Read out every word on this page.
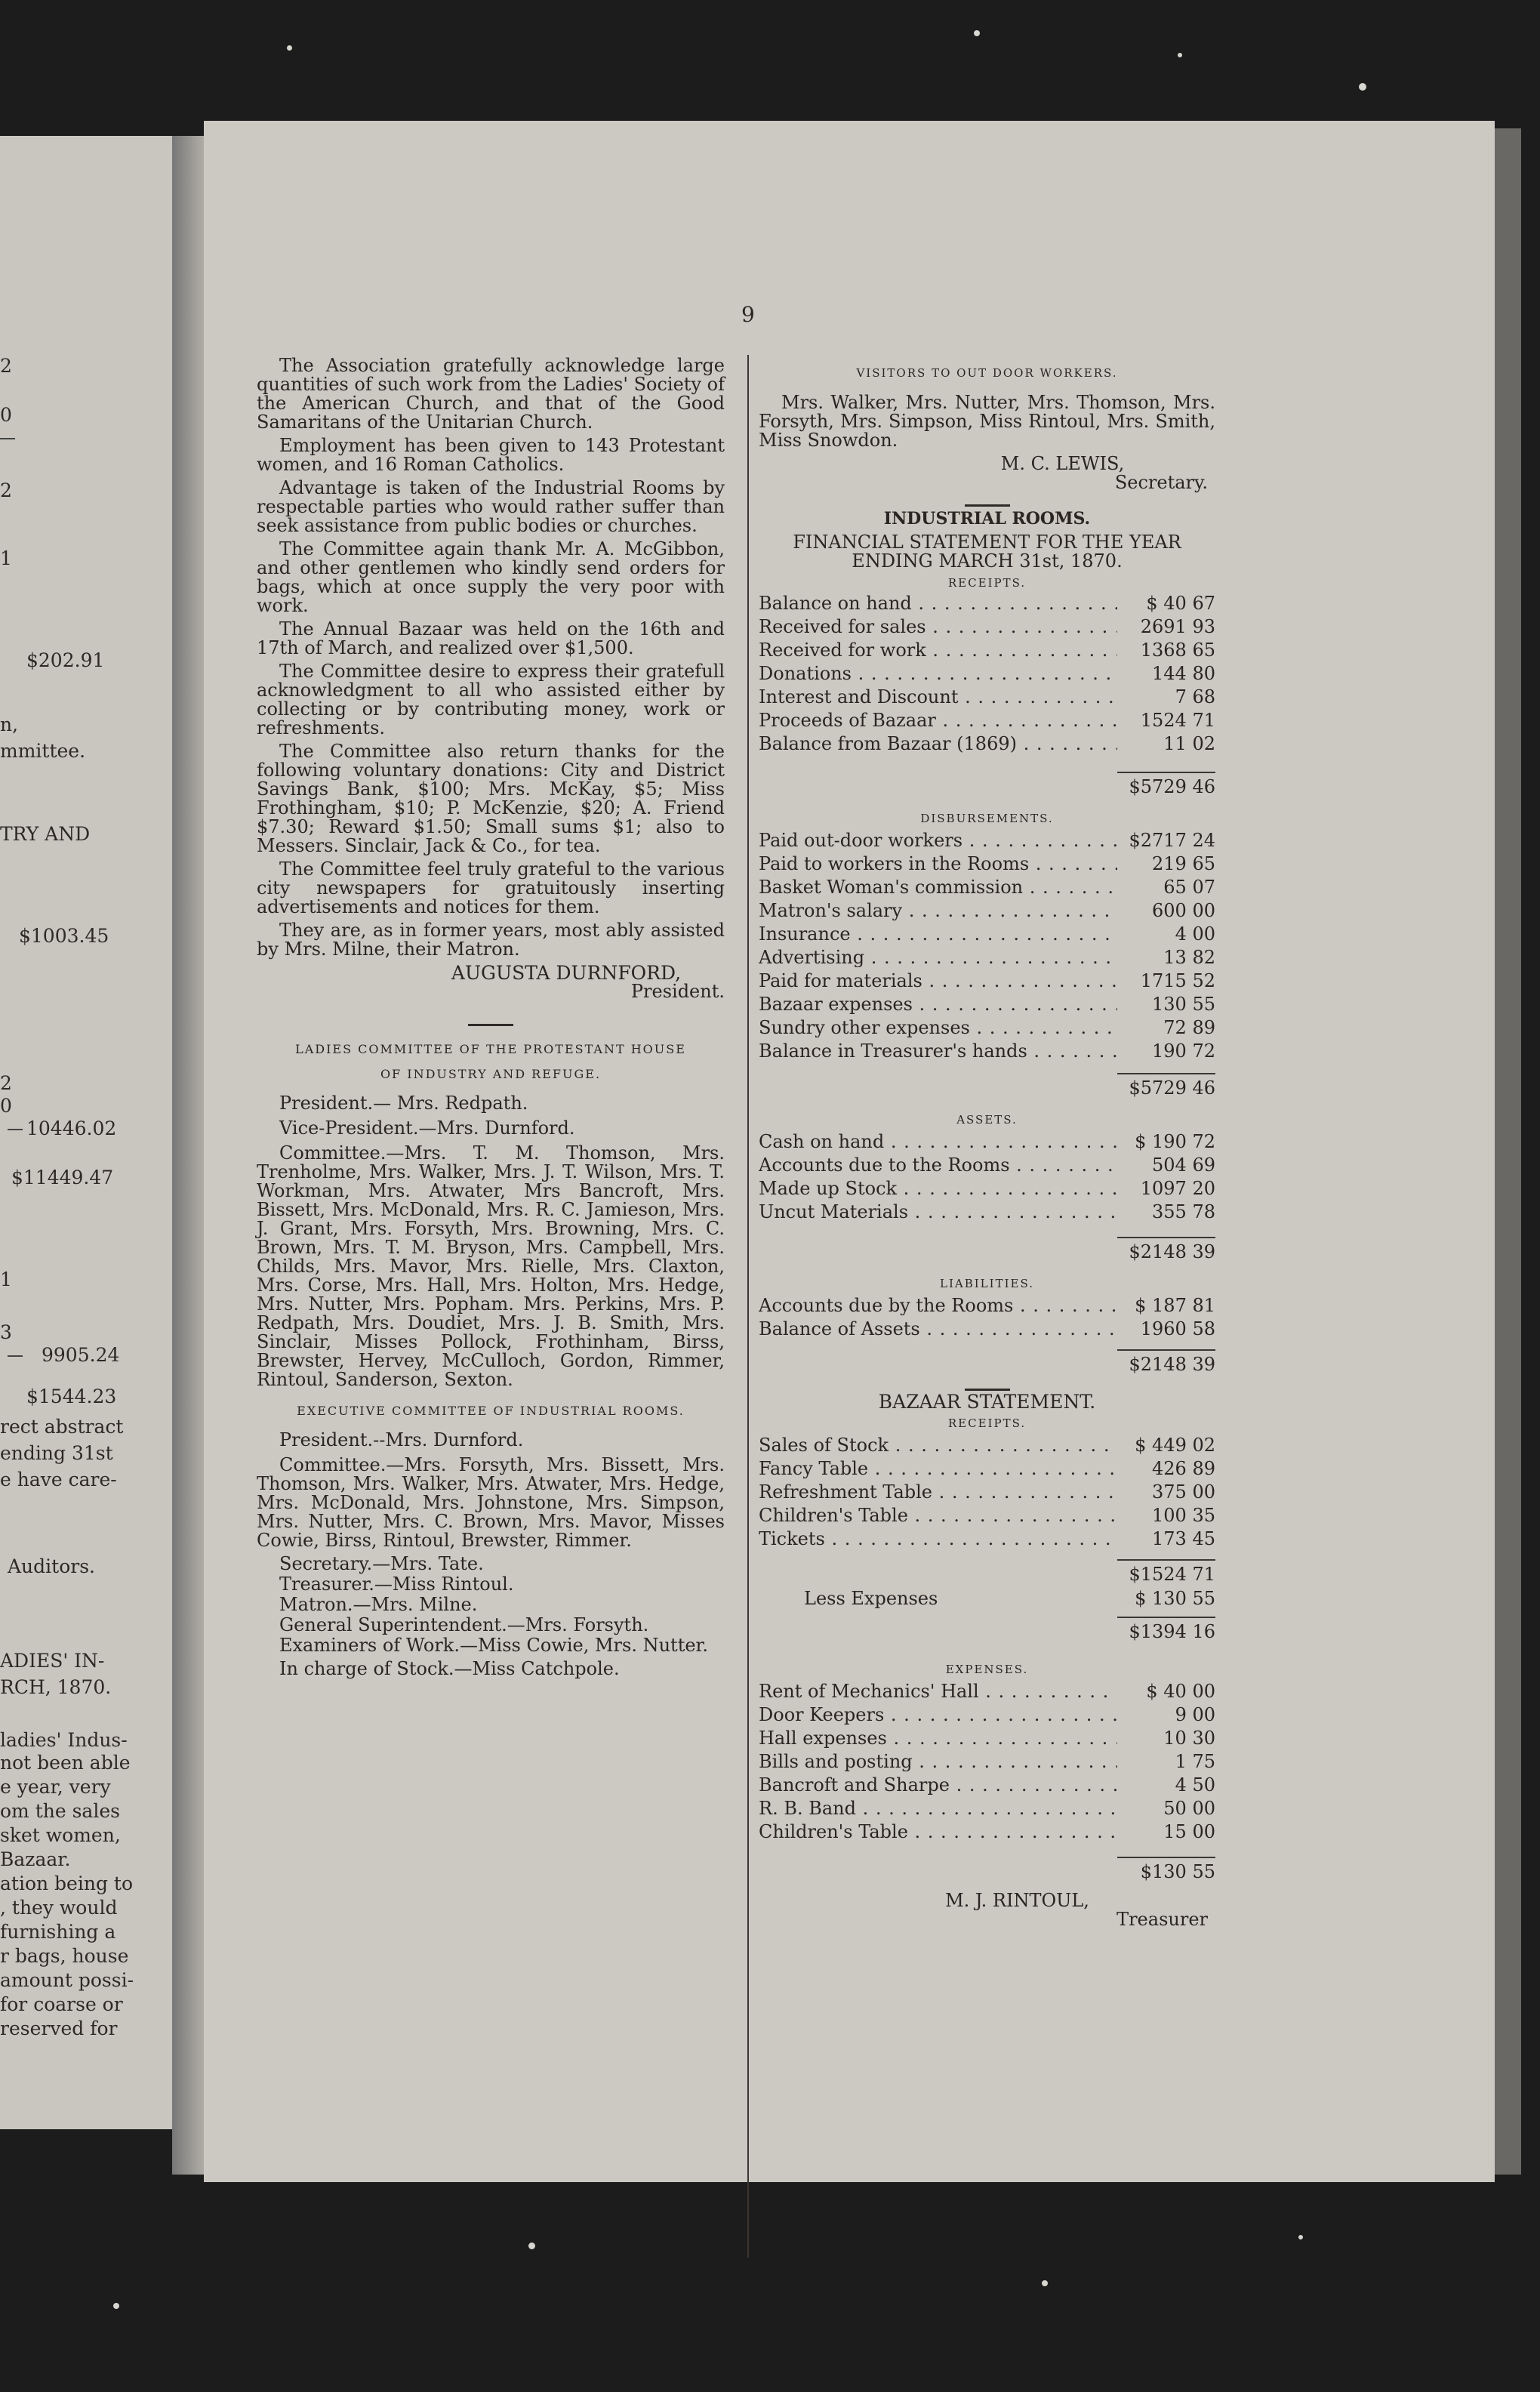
2
0
2
1
$202.91
n,
mmittee.
TRY AND
$1003.45
2
0
10446.02
$11449.47
1
3
9905.24
$1544.23
rect abstract
ending 31st
e have care-
Auditors.
ADIES' IN-
RCH, 1870.
ladies' Indus-
not been able
e year, very
om the sales
sket women,
Bazaar.
ation being to
, they would
furnishing a
r bags, house
amount possi-
for coarse or
reserved for
9

The Association gratefully acknowledge large quantities of such work from the Ladies' Society of the American Church, and that of the Good Samaritans of the Unitarian Church.

Employment has been given to 143 Protestant women, and 16 Roman Catholics.

Advantage is taken of the Industrial Rooms by respectable parties who would rather suffer than seek assistance from public bodies or churches.

The Committee again thank Mr. A. McGibbon, and other gentlemen who kindly send orders for bags, which at once supply the very poor with work.

The Annual Bazaar was held on the 16th and 17th of March, and realized over $1,500.

The Committee desire to express their gratefull acknowledgment to all who assisted either by collecting or by contributing money, work or refreshments.

The Committee also return thanks for the following voluntary donations: City and District Savings Bank, $100; Mrs. McKay, $5; Miss Frothingham, $10; P. McKenzie, $20; A. Friend $7.30; Reward $1.50; Small sums $1; also to Messers. Sinclair, Jack & Co., for tea.

The Committee feel truly grateful to the various city newspapers for gratuitously inserting advertisements and notices for them.

They are, as in former years, most ably assisted by Mrs. Milne, their Matron.

AUGUSTA DURNFORD,
President.
LADIES COMMITTEE OF THE PROTESTANT HOUSE
OF INDUSTRY AND REFUGE.

President.— Mrs. Redpath.

Vice-President.—Mrs. Durnford.

Committee.—Mrs. T. M. Thomson, Mrs. Trenholme, Mrs. Walker, Mrs. J. T. Wilson, Mrs. T. Workman, Mrs. Atwater, Mrs Bancroft, Mrs. Bissett, Mrs. McDonald, Mrs. R. C. Jamieson, Mrs. J. Grant, Mrs. Forsyth, Mrs. Browning, Mrs. C. Brown, Mrs. T. M. Bryson, Mrs. Campbell, Mrs. Childs, Mrs. Mavor, Mrs. Rielle, Mrs. Claxton, Mrs. Corse, Mrs. Hall, Mrs. Holton, Mrs. Hedge, Mrs. Nutter, Mrs. Popham. Mrs. Perkins, Mrs. P. Redpath, Mrs. Doudiet, Mrs. J. B. Smith, Mrs. Sinclair, Misses Pollock, Frothinham, Birss, Brewster, Hervey, McCulloch, Gordon, Rimmer, Rintoul, Sanderson, Sexton.

EXECUTIVE COMMITTEE OF INDUSTRIAL ROOMS.

President.--Mrs. Durnford.

Committee.—Mrs. Forsyth, Mrs. Bissett, Mrs. Thomson, Mrs. Walker, Mrs. Atwater, Mrs. Hedge, Mrs. McDonald, Mrs. Johnstone, Mrs. Simpson, Mrs. Nutter, Mrs. C. Brown, Mrs. Mavor, Misses Cowie, Birss, Rintoul, Brewster, Rimmer.

Secretary.—Mrs. Tate.

Treasurer.—Miss Rintoul.

Matron.—Mrs. Milne.

General Superintendent.—Mrs. Forsyth.

Examiners of Work.—Miss Cowie, Mrs. Nutter.

In charge of Stock.—Miss Catchpole.

VISITORS TO OUT DOOR WORKERS.

Mrs. Walker, Mrs. Nutter, Mrs. Thomson, Mrs. Forsyth, Mrs. Simpson, Miss Rintoul, Mrs. Smith, Miss Snowdon.

M. C. LEWIS,
Secretary.
INDUSTRIAL ROOMS.
FINANCIAL STATEMENT FOR THE YEAR
ENDING MARCH 31st, 1870.
RECEIPTS.
Balance on hand . . .	$ 40 67
Received for sales . . .	2691 93
Received for work . . .	1368 65
Donations . . .	144 80
Interest and Discount . . .	7 68
Proceeds of Bazaar . . .	1524 71
Balance from Bazaar (1869) . . .	11 02
$5729 46
DISBURSEMENTS.
Paid out-door workers . . .	$2717 24
Paid to workers in the Rooms . . .	219 65
Basket Woman's commission . . .	65 07
Matron's salary . . .	600 00
Insurance . . .	4 00
Advertising . . .	13 82
Paid for materials . . .	1715 52
Bazaar expenses . . .	130 55
Sundry other expenses . . .	72 89
Balance in Treasurer's hands . . .	190 72
$5729 46
ASSETS.
Cash on hand . . .	$ 190 72
Accounts due to the Rooms . . .	504 69
Made up Stock . . .	1097 20
Uncut Materials . . .	355 78
$2148 39
LIABILITIES.
Accounts due by the Rooms . . .	$ 187 81
Balance of Assets . . .	1960 58
$2148 39
BAZAAR STATEMENT.
RECEIPTS.
Sales of Stock . . .	$ 449 02
Fancy Table . . .	426 89
Refreshment Table . . .	375 00
Children's Table . . .	100 35
Tickets . . .	173 45
$1524 71
Less Expenses	$ 130 55
$1394 16
EXPENSES.
Rent of Mechanics' Hall . . .	$ 40 00
Door Keepers . . .	9 00
Hall expenses . . .	10 30
Bills and posting . . .	1 75
Bancroft and Sharpe . . .	4 50
R. B. Band . . .	50 00
Children's Table . . .	15 00
$130 55
M. J. RINTOUL,
Treasurer
